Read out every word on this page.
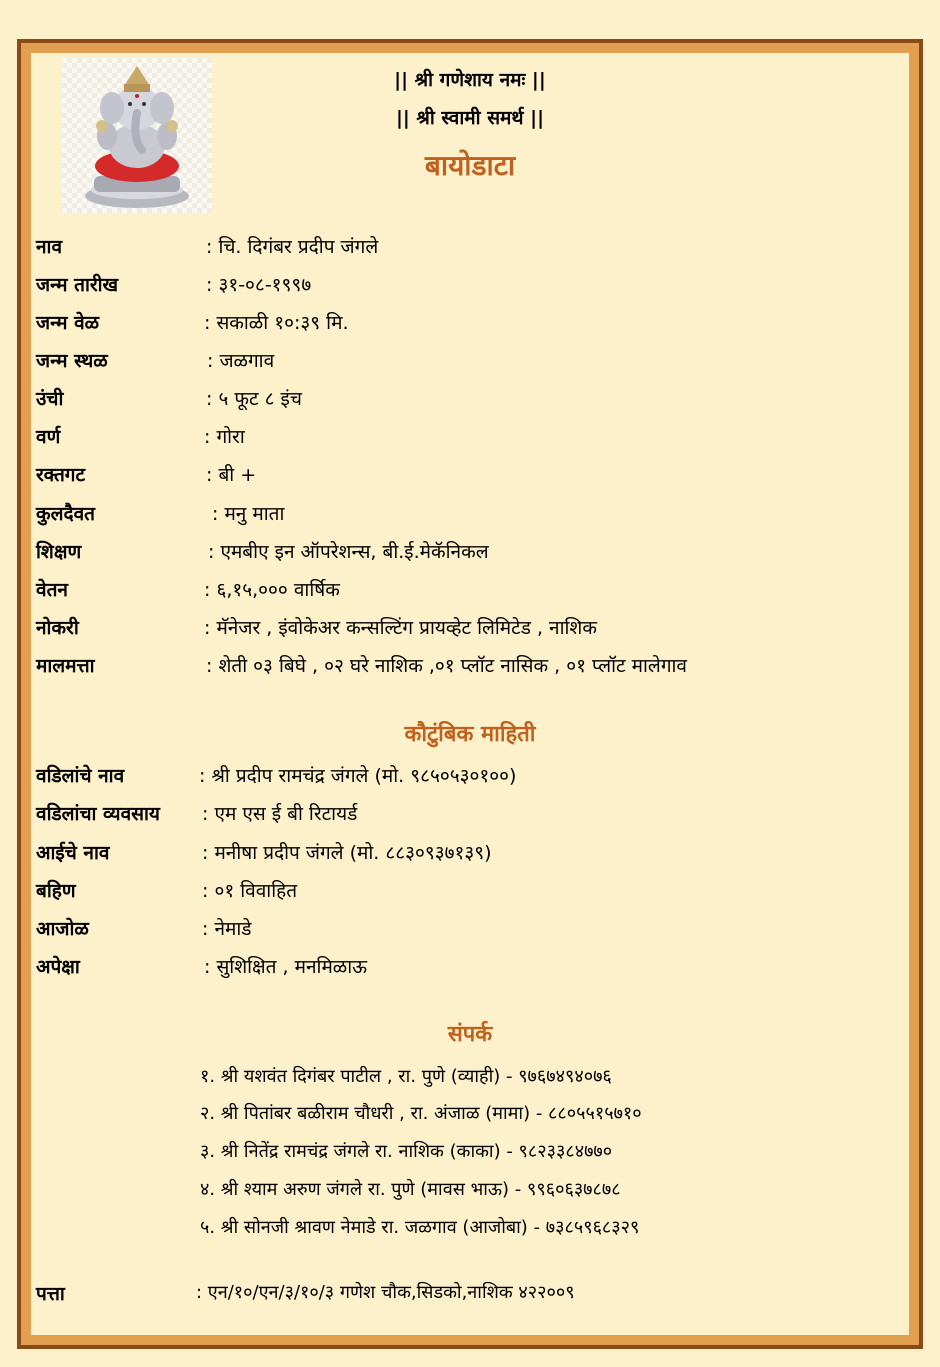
|| श्री गणेशाय नमः ||
|| श्री स्वामी समर्थ ||
बायोडाटा
नाव	: चि. दिगंबर प्रदीप जंगले
जन्म तारीख	: ३१-०८-१९९७
जन्म वेळ	: सकाळी १०:३९ मि.
जन्म स्थळ	: जळगाव
उंची	: ५ फूट ८ इंच
वर्ण	: गोरा
रक्तगट	: बी +
कुलदैवत	: मनु माता
शिक्षण	: एमबीए इन ऑपरेशन्स, बी.ई.मेकॅनिकल
वेतन	: ६,१५,००० वार्षिक
नोकरी	: मॅनेजर , इंवोकेअर कन्सल्टिंग प्रायव्हेट लिमिटेड , नाशिक
मालमत्ता	: शेती ०३ बिघे , ०२ घरे नाशिक ,०१ प्लॉट नासिक , ०१ प्लॉट मालेगाव
कौटुंबिक माहिती
वडिलांचे नाव	: श्री प्रदीप रामचंद्र जंगले (मो. ९८५०५३०१००)
वडिलांचा व्यवसाय : एम एस ई बी रिटायर्ड
आईचे नाव	: मनीषा प्रदीप जंगले (मो. ८८३०९३७१३९)
बहिण	: ०१ विवाहित
आजोळ	: नेमाडे
अपेक्षा	: सुशिक्षित , मनमिळाऊ
संपर्क
१. श्री यशवंत दिगंबर पाटील , रा. पुणे (व्याही) - ९७६७४९४०७६
२. श्री पितांबर बळीराम चौधरी , रा. अंजाळ (मामा) - ८८०५५१५७१०
३. श्री नितेंद्र रामचंद्र जंगले रा. नाशिक (काका) - ९८२३३८४७७०
४. श्री श्याम अरुण जंगले रा. पुणे (मावस भाऊ) - ९९६०६३७८७८
५. श्री सोनजी श्रावण नेमाडे रा. जळगाव (आजोबा) - ७३८५९६८३२९
पत्ता	: एन/१०/एन/३/१०/३ गणेश चौक,सिडको,नाशिक ४२२००९
